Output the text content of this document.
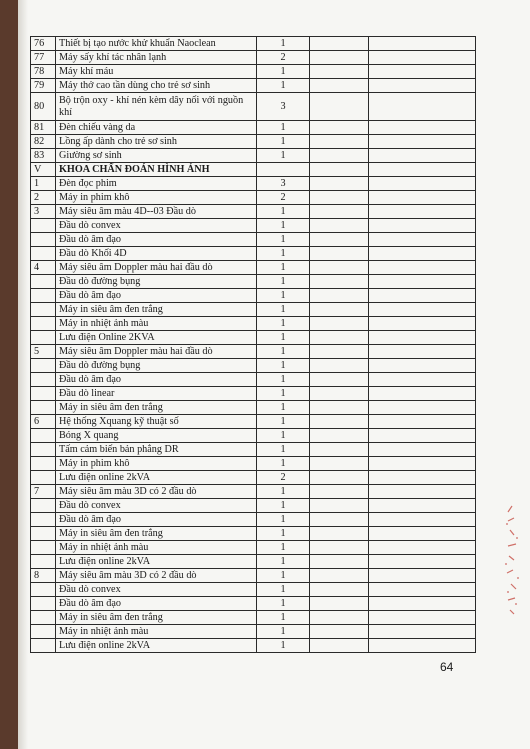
76	Thiết bị tạo nước khử khuẩn Naoclean	1		
77	Máy sấy khí tác nhân lạnh	2		
78	Máy khí máu	1		
79	Máy thở cao tần dùng cho trẻ sơ sinh	1		
80	Bộ trộn oxy - khí nén kèm dây nối với nguồn khí	3		
81	Đèn chiếu vàng da	1		
82	Lồng ấp dành cho trẻ sơ sinh	1		
83	Giường sơ sinh	1		
V	KHOA CHẨN ĐOÁN HÌNH ẢNH			
1	Đèn đọc phim	3		
2	Máy in phim khô	2		
3	Máy siêu âm màu 4D--03 Đầu dò	1		
	Đầu dò convex	1		
	Đầu dò âm đạo	1		
	Đầu dò Khối 4D	1		
4	Máy siêu âm Doppler màu hai đầu dò	1		
	Đầu dò đường bụng	1		
	Đầu dò âm đạo	1		
	Máy in siêu âm đen trắng	1		
	Máy in nhiệt ảnh màu	1		
	Lưu điện Online 2KVA	1		
5	Máy siêu âm Doppler màu hai đầu dò	1		
	Đầu dò đường bụng	1		
	Đầu dò âm đạo	1		
	Đầu dò linear	1		
	Máy in siêu âm đen trắng	1		
6	Hệ thống Xquang kỹ thuật số	1		
	Bóng X quang	1		
	Tấm cảm biến bản phẳng DR	1		
	Máy in phim khô	1		
	Lưu điện online 2kVA	2		
7	Máy siêu âm màu 3D có 2 đầu dò	1		
	Đầu dò convex	1		
	Đầu dò âm đạo	1		
	Máy in siêu âm đen trắng	1		
	Máy in nhiệt ảnh màu	1		
	Lưu điện online 2kVA	1		
8	Máy siêu âm màu 3D có 2 đầu dò	1		
	Đầu dò convex	1		
	Đầu dò âm đạo	1		
	Máy in siêu âm đen trắng	1		
	Máy in nhiệt ảnh màu	1		
	Lưu điện online 2kVA	1		
64
